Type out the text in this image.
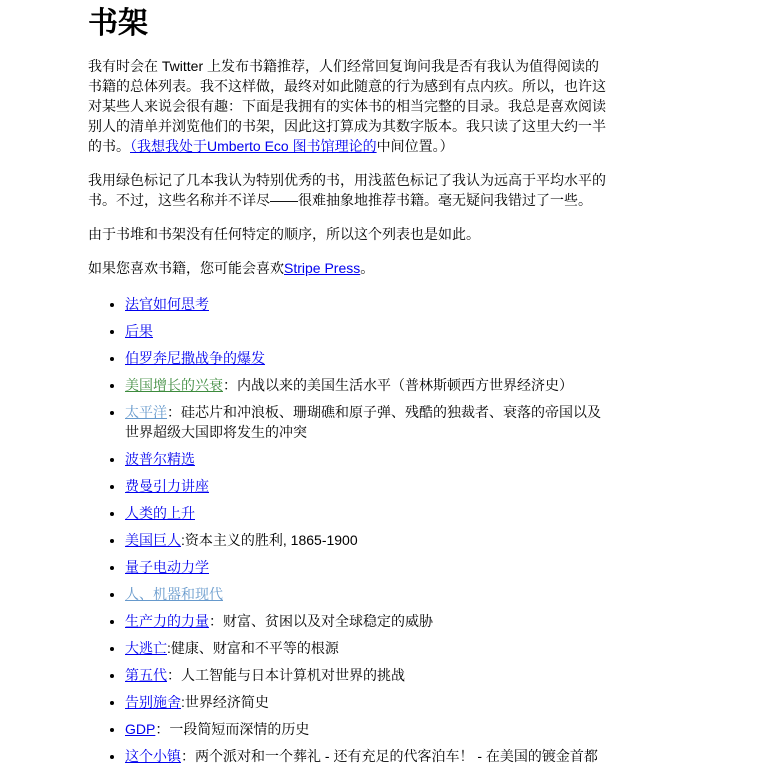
书架

我有时会在 Twitter 上发布书籍推荐，人们经常回复询问我是否有我认为值得阅读的书籍的总体列表。我不这样做，最终对如此随意的行为感到有点内疚。所以，也许这对某些人来说会很有趣：下面是我拥有的实体书的相当完整的目录。我总是喜欢阅读别人的清单并浏览他们的书架，因此这打算成为其数字版本。我只读了这里大约一半的书。（我想我处于Umberto Eco 图书馆理论的中间位置。）

我用绿色标记了几本我认为特别优秀的书，用浅蓝色标记了我认为远高于平均水平的书。不过，这些名称并不详尽——很难抽象地推荐书籍。毫无疑问我错过了一些。

由于书堆和书架没有任何特定的顺序，所以这个列表也是如此。

如果您喜欢书籍，您可能会喜欢Stripe Press。

• 法官如何思考
• 后果
• 伯罗奔尼撒战争的爆发
• 美国增长的兴衰：内战以来的美国生活水平（普林斯顿西方世界经济史）
• 太平洋：硅芯片和冲浪板、珊瑚礁和原子弹、残酷的独裁者、衰落的帝国以及世界超级大国即将发生的冲突
• 波普尔精选
• 费曼引力讲座
• 人类的上升
• 美国巨人:资本主义的胜利, 1865-1900
• 量子电动力学
• 人、机器和现代
• 生产力的力量：财富、贫困以及对全球稳定的威胁
• 大逃亡:健康、财富和不平等的根源
• 第五代：人工智能与日本计算机对世界的挑战
• 告别施舍:世界经济简史
• GDP：一段简短而深情的历史
• 这个小镇：两个派对和一个葬礼 - 还有充足的代客泊车！ - 在美国的镀金首都
